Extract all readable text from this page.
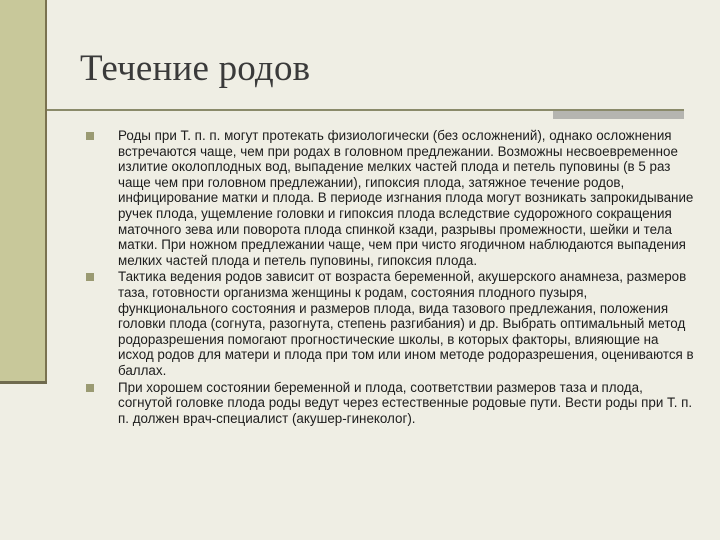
Течение родов
Роды при Т. п. п. могут протекать физиологически (без осложнений), однако осложнения встречаются чаще, чем при родах в головном предлежании. Возможны несвоевременное излитие околоплодных вод, выпадение мелких частей плода и петель пуповины (в 5 раз чаще чем при головном предлежании), гипоксия плода, затяжное течение родов, инфицирование матки и плода. В периоде изгнания плода могут возникать запрокидывание ручек плода, ущемление головки и гипоксия плода вследствие судорожного сокращения маточного зева или поворота плода спинкой кзади, разрывы промежности, шейки и тела матки. При ножном предлежании чаще, чем при чисто ягодичном наблюдаются выпадения мелких частей плода и петель пуповины, гипоксия плода.
Тактика ведения родов зависит от возраста беременной, акушерского анамнеза, размеров таза, готовности организма женщины к родам, состояния плодного пузыря, функционального состояния и размеров плода, вида тазового предлежания, положения головки плода (согнута, разогнута, степень разгибания) и др. Выбрать оптимальный метод родоразрешения помогают прогностические школы, в которых факторы, влияющие на исход родов для матери и плода при том или ином методе родоразрешения, оцениваются в баллах.
При хорошем состоянии беременной и плода, соответствии размеров таза и плода, согнутой головке плода роды ведут через естественные родовые пути. Вести роды при Т. п. п. должен врач-специалист (акушер-гинеколог).
